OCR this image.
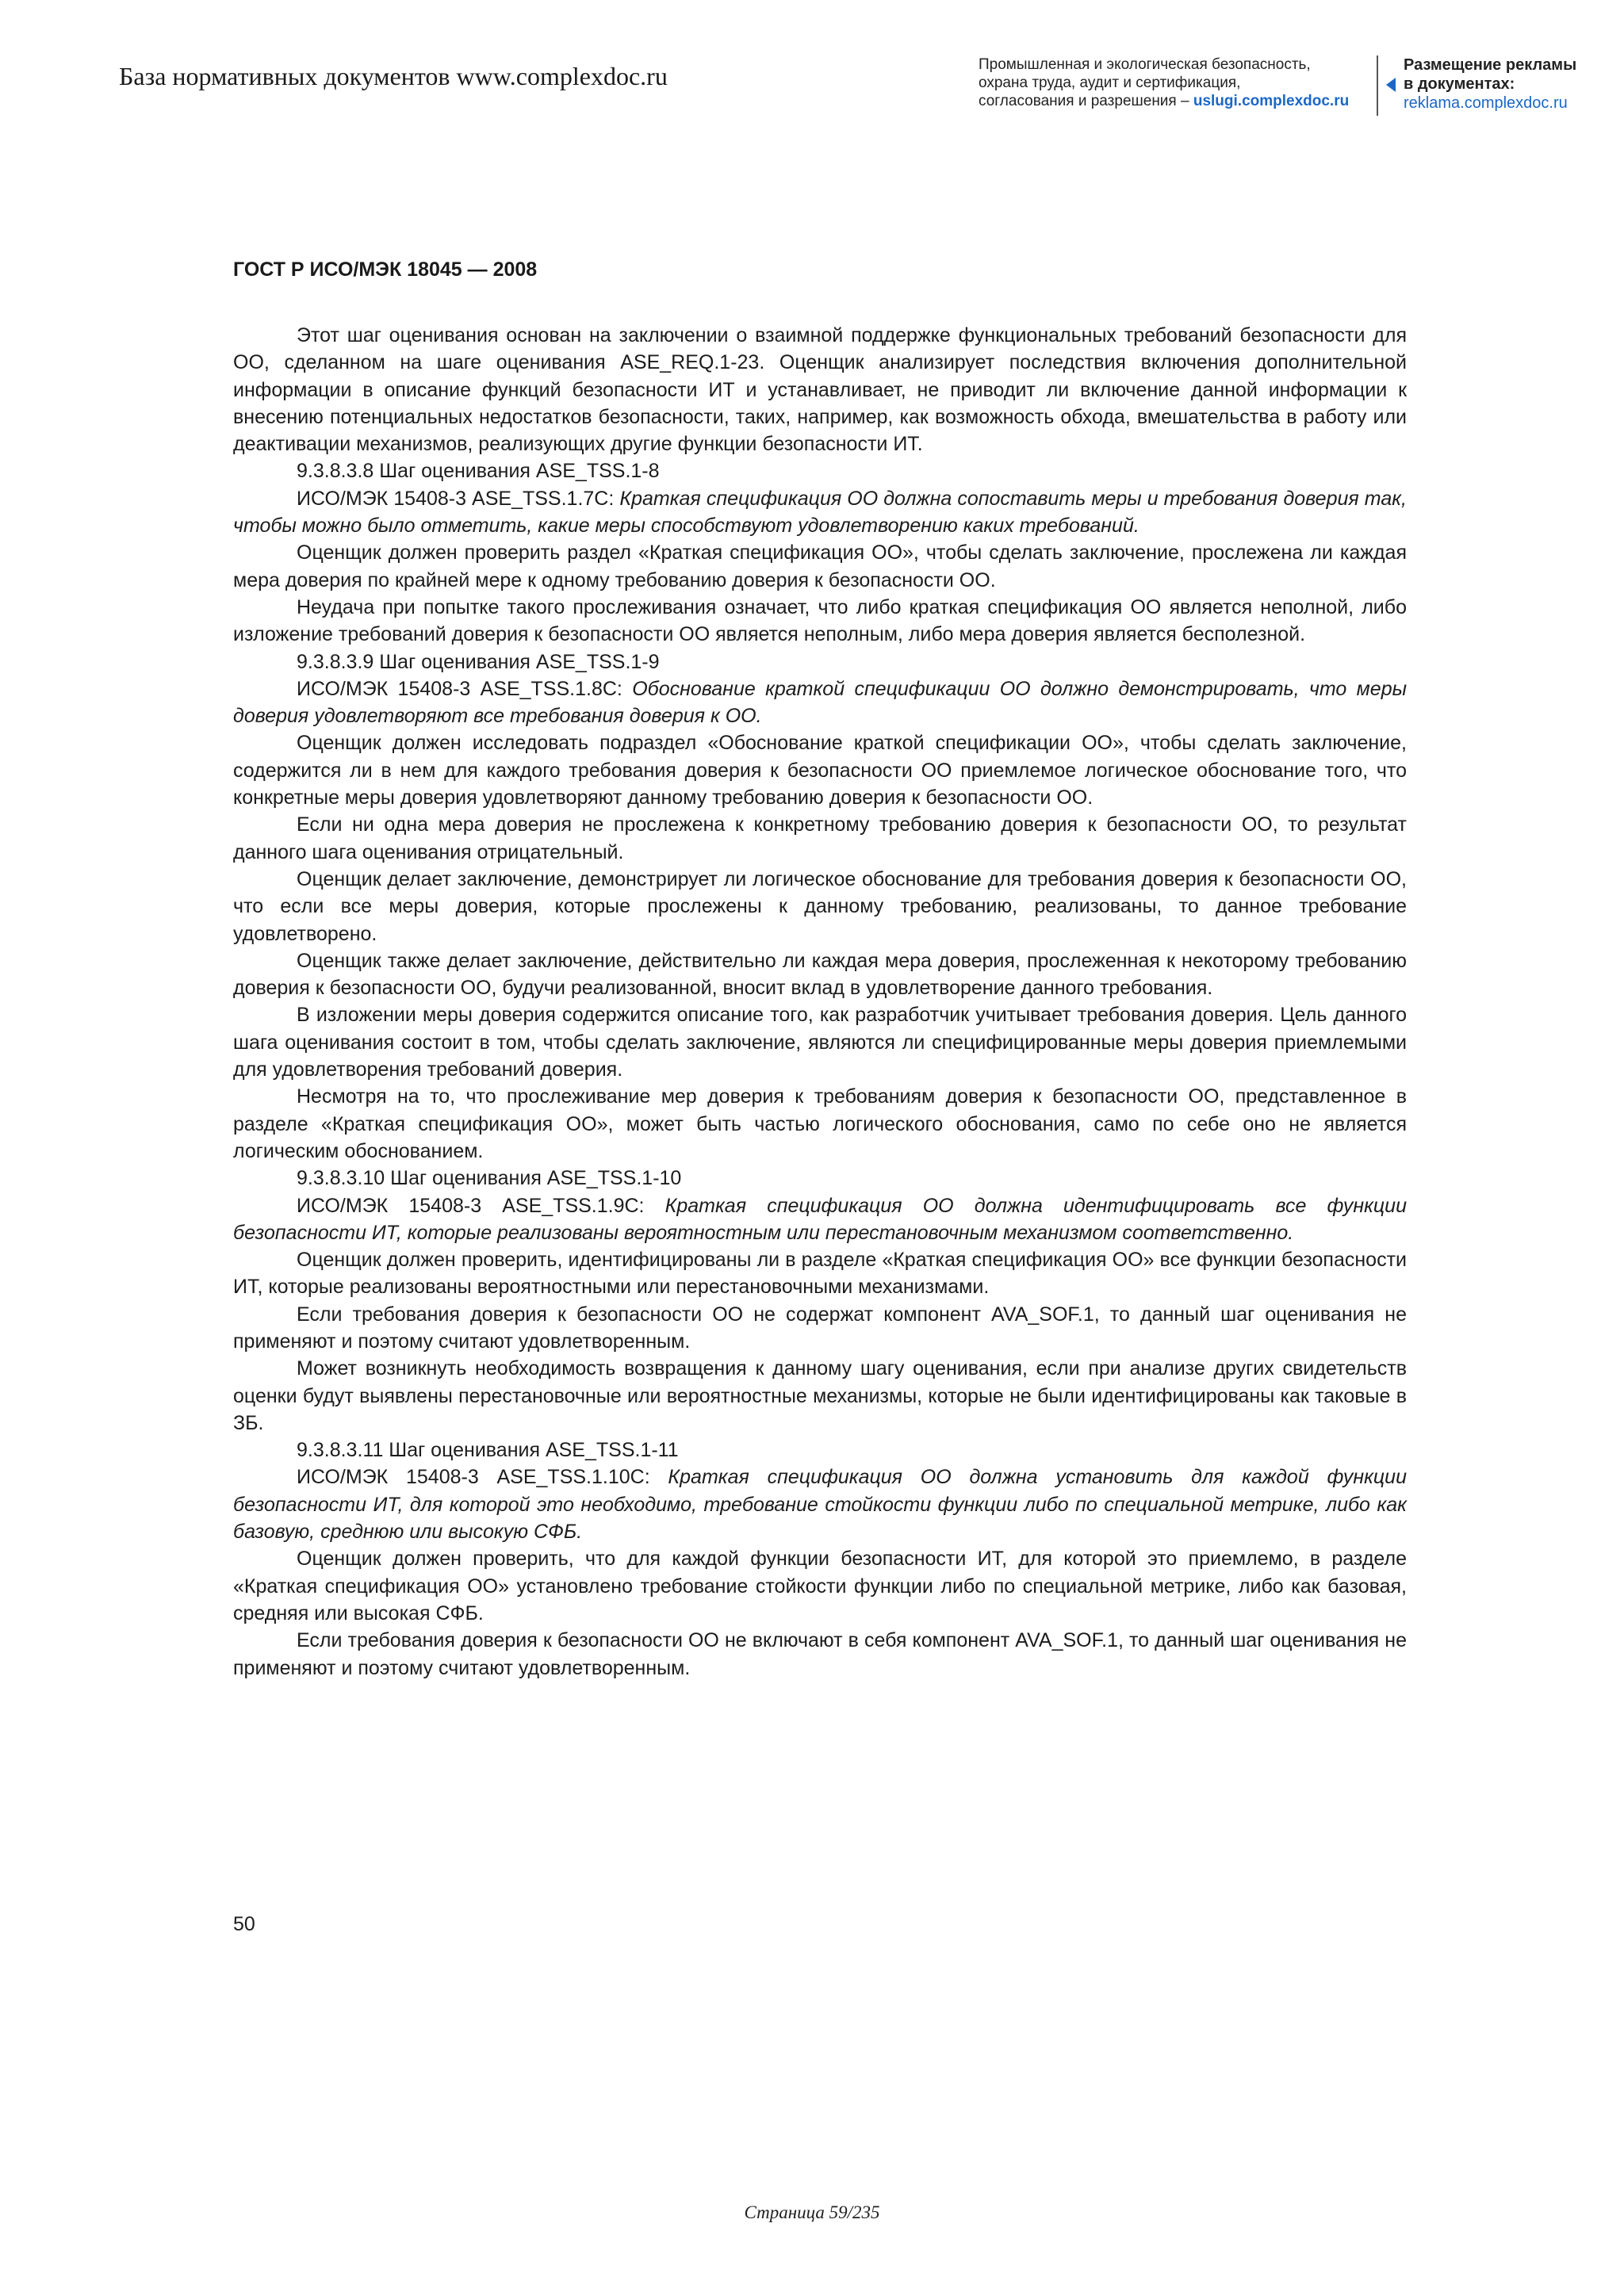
База нормативных документов www.complexdoc.ru	Промышленная и экологическая безопасность,
охрана труда, аудит и сертификация,
согласования и разрешения – uslugi.complexdoc.ru
Размещение рекламы
в документах:
reklama.complexdoc.ru
ГОСТ Р ИСО/МЭК 18045 — 2008

Этот шаг оценивания основан на заключении о взаимной поддержке функциональных требований безопасности для ОО, сделанном на шаге оценивания ASE_REQ.1-23. Оценщик анализирует последствия включения дополнительной информации в описание функций безопасности ИТ и устанавливает, не приводит ли включение данной информации к внесению потенциальных недостатков безопасности, таких, например, как возможность обхода, вмешательства в работу или деактивации механизмов, реализующих другие функции безопасности ИТ.

9.3.8.3.8 Шаг оценивания ASE_TSS.1-8

ИСО/МЭК 15408-3 ASE_TSS.1.7С: Краткая спецификация ОО должна сопоставить меры и требования доверия так, чтобы можно было отметить, какие меры способствуют удовлетворению каких требований.

Оценщик должен проверить раздел «Краткая спецификация ОО», чтобы сделать заключение, прослежена ли каждая мера доверия по крайней мере к одному требованию доверия к безопасности ОО.

Неудача при попытке такого прослеживания означает, что либо краткая спецификация ОО является неполной, либо изложение требований доверия к безопасности ОО является неполным, либо мера доверия является бесполезной.

9.3.8.3.9 Шаг оценивания ASE_TSS.1-9

ИСО/МЭК 15408-3 ASE_TSS.1.8С: Обоснование краткой спецификации ОО должно демонстрировать, что меры доверия удовлетворяют все требования доверия к ОО.

Оценщик должен исследовать подраздел «Обоснование краткой спецификации ОО», чтобы сделать заключение, содержится ли в нем для каждого требования доверия к безопасности ОО приемлемое логическое обоснование того, что конкретные меры доверия удовлетворяют данному требованию доверия к безопасности ОО.

Если ни одна мера доверия не прослежена к конкретному требованию доверия к безопасности ОО, то результат данного шага оценивания отрицательный.

Оценщик делает заключение, демонстрирует ли логическое обоснование для требования доверия к безопасности ОО, что если все меры доверия, которые прослежены к данному требованию, реализованы, то данное требование удовлетворено.

Оценщик также делает заключение, действительно ли каждая мера доверия, прослеженная к некоторому требованию доверия к безопасности ОО, будучи реализованной, вносит вклад в удовлетворение данного требования.

В изложении меры доверия содержится описание того, как разработчик учитывает требования доверия. Цель данного шага оценивания состоит в том, чтобы сделать заключение, являются ли специфицированные меры доверия приемлемыми для удовлетворения требований доверия.

Несмотря на то, что прослеживание мер доверия к требованиям доверия к безопасности ОО, представленное в разделе «Краткая спецификация ОО», может быть частью логического обоснования, само по себе оно не является логическим обоснованием.

9.3.8.3.10 Шаг оценивания ASE_TSS.1-10

ИСО/МЭК 15408-3 ASE_TSS.1.9С: Краткая спецификация ОО должна идентифицировать все функции безопасности ИТ, которые реализованы вероятностным или перестановочным механизмом соответственно.

Оценщик должен проверить, идентифицированы ли в разделе «Краткая спецификация ОО» все функции безопасности ИТ, которые реализованы вероятностными или перестановочными механизмами.

Если требования доверия к безопасности ОО не содержат компонент AVA_SOF.1, то данный шаг оценивания не применяют и поэтому считают удовлетворенным.

Может возникнуть необходимость возвращения к данному шагу оценивания, если при анализе других свидетельств оценки будут выявлены перестановочные или вероятностные механизмы, которые не были идентифицированы как таковые в ЗБ.

9.3.8.3.11 Шаг оценивания ASE_TSS.1-11

ИСО/МЭК 15408-3 ASE_TSS.1.10С: Краткая спецификация ОО должна установить для каждой функции безопасности ИТ, для которой это необходимо, требование стойкости функции либо по специальной метрике, либо как базовую, среднюю или высокую СФБ.

Оценщик должен проверить, что для каждой функции безопасности ИТ, для которой это приемлемо, в разделе «Краткая спецификация ОО» установлено требование стойкости функции либо по специальной метрике, либо как базовая, средняя или высокая СФБ.

Если требования доверия к безопасности ОО не включают в себя компонент AVA_SOF.1, то данный шаг оценивания не применяют и поэтому считают удовлетворенным.

50
Страница 59/235
